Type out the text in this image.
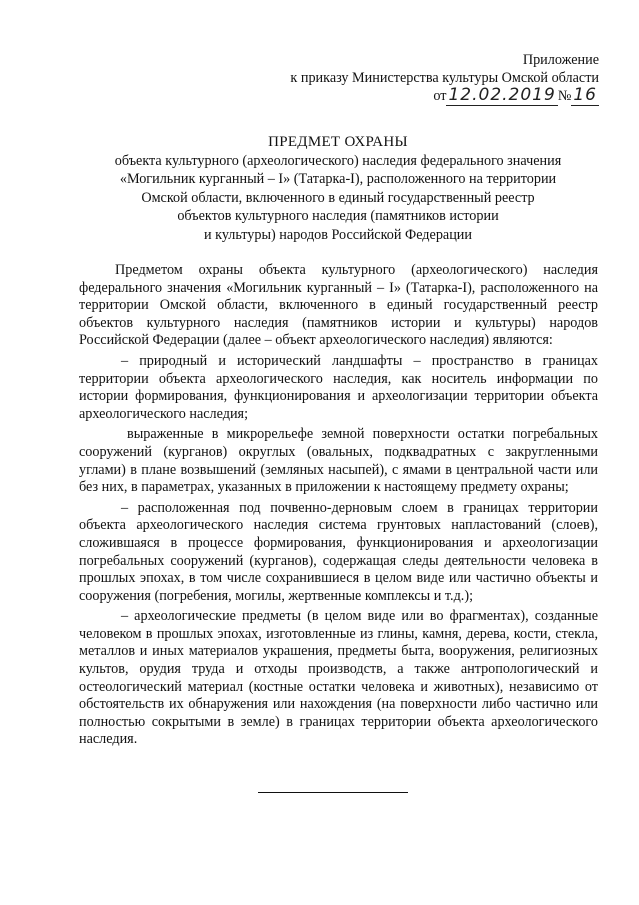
Приложение
к приказу Министерства культуры Омской области
от 12.02.2019 № 16
ПРЕДМЕТ ОХРАНЫ
объекта культурного (археологического) наследия федерального значения
«Могильник курганный – I» (Татарка-I), расположенного на территории
Омской области, включенного в единый государственный реестр
объектов культурного наследия (памятников истории
и культуры) народов Российской Федерации

Предметом охраны объекта культурного (археологического) наследия федерального значения «Могильник курганный – I» (Татарка-I), расположенного на территории Омской области, включенного в единый государственный реестр объектов культурного наследия (памятников истории и культуры) народов Российской Федерации (далее – объект археологического наследия) являются:

– природный и исторический ландшафты – пространство в границах территории объекта археологического наследия, как носитель информации по истории формирования, функционирования и археологизации территории объекта археологического наследия;

выраженные в микрорельефе земной поверхности остатки погребальных сооружений (курганов) округлых (овальных, подквадратных с закругленными углами) в плане возвышений (земляных насыпей), с ямами в центральной части или без них, в параметрах, указанных в приложении к настоящему предмету охраны;

– расположенная под почвенно-дерновым слоем в границах территории объекта археологического наследия система грунтовых напластований (слоев), сложившаяся в процессе формирования, функционирования и археологизации погребальных сооружений (курганов), содержащая следы деятельности человека в прошлых эпохах, в том числе сохранившиеся в целом виде или частично объекты и сооружения (погребения, могилы, жертвенные комплексы и т.д.);

– археологические предметы (в целом виде или во фрагментах), созданные человеком в прошлых эпохах, изготовленные из глины, камня, дерева, кости, стекла, металлов и иных материалов украшения, предметы быта, вооружения, религиозных культов, орудия труда и отходы производств, а также антропологический и остеологический материал (костные остатки человека и животных), независимо от обстоятельств их обнаружения или нахождения (на поверхности либо частично или полностью сокрытыми в земле) в границах территории объекта археологического наследия.
